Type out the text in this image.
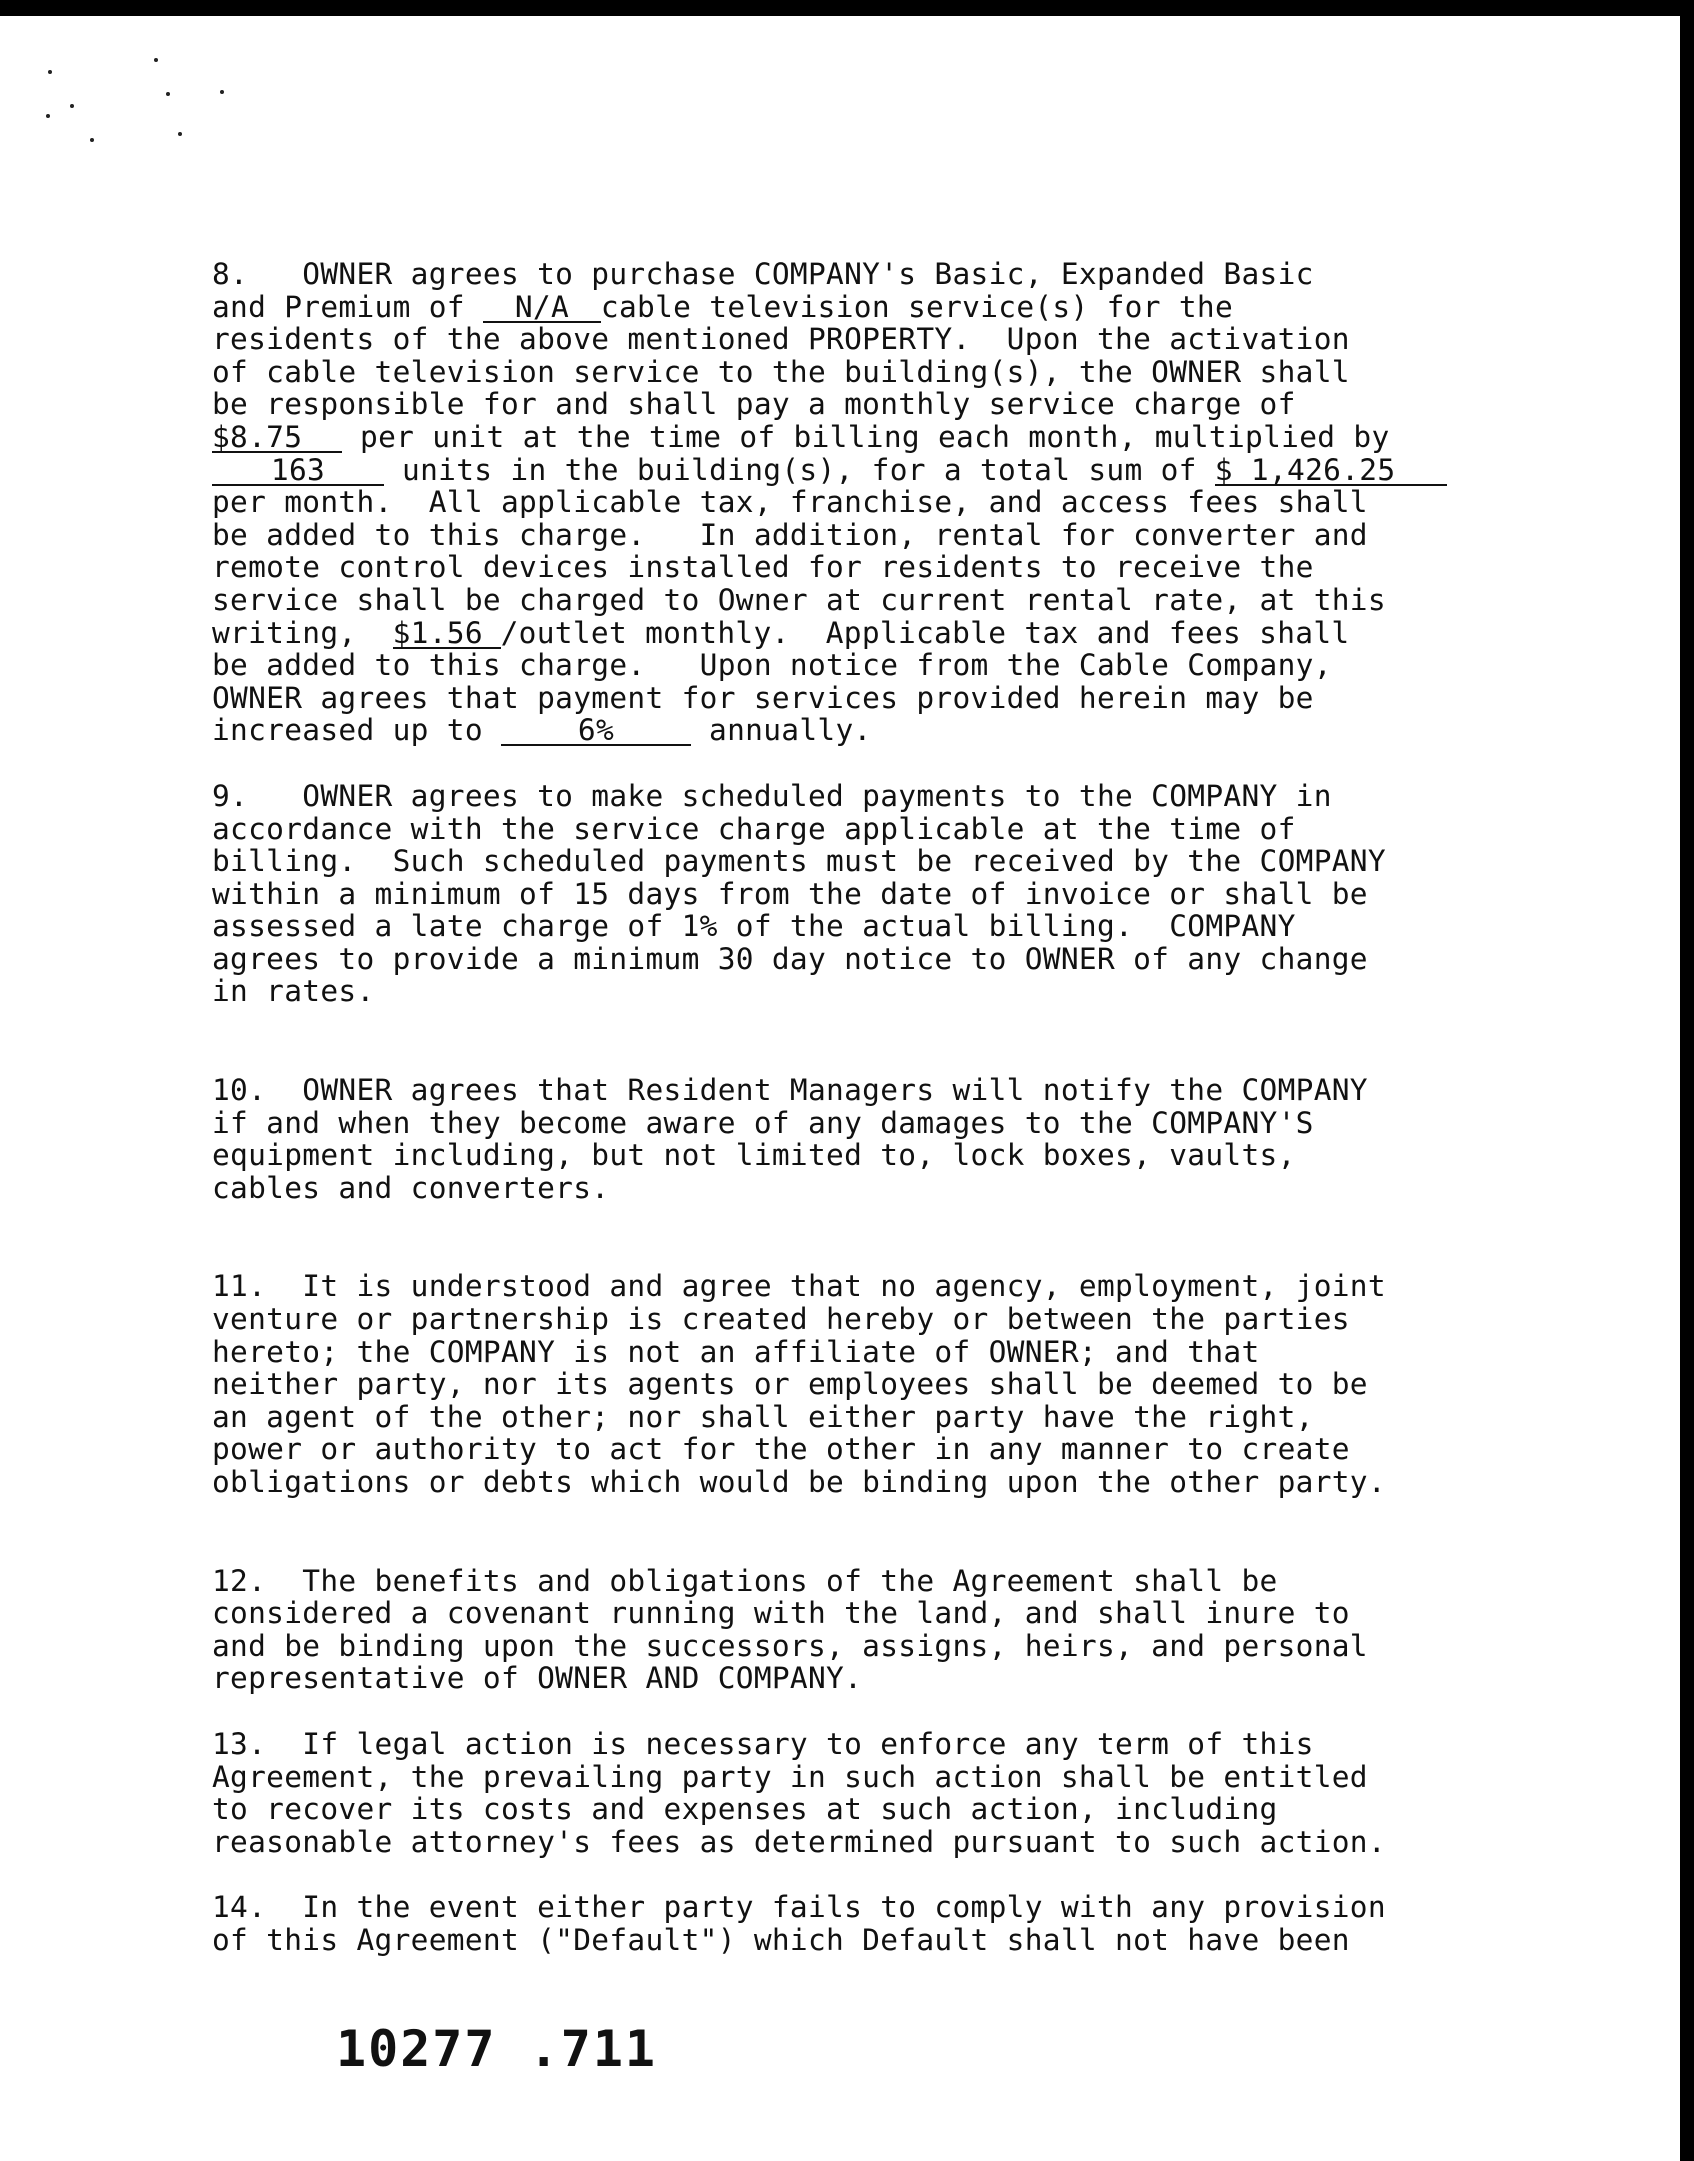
8.   OWNER agrees to purchase COMPANY's Basic, Expanded Basic
and Premium of N/A cable television service(s) for the
residents of the above mentioned PROPERTY.  Upon the activation
of cable television service to the building(s), the OWNER shall
be responsible for and shall pay a monthly service charge of
$8.75 per unit at the time of billing each month, multiplied by
163 units in the building(s), for a total sum of $ 1,426.25
per month.  All applicable tax, franchise, and access fees shall
be added to this charge.   In addition, rental for converter and
remote control devices installed for residents to receive the
service shall be charged to Owner at current rental rate, at this
writing,  $1.56 /outlet monthly.  Applicable tax and fees shall
be added to this charge.   Upon notice from the Cable Company,
OWNER agrees that payment for services provided herein may be
increased up to	6%	annually.
9.   OWNER agrees to make scheduled payments to the COMPANY in
accordance with the service charge applicable at the time of
billing.  Such scheduled payments must be received by the COMPANY
within a minimum of 15 days from the date of invoice or shall be
assessed a late charge of 1% of the actual billing.  COMPANY
agrees to provide a minimum 30 day notice to OWNER of any change
in rates.
10.  OWNER agrees that Resident Managers will notify the COMPANY
if and when they become aware of any damages to the COMPANY'S
equipment including, but not limited to, lock boxes, vaults,
cables and converters.
11.  It is understood and agree that no agency, employment, joint
venture or partnership is created hereby or between the parties
hereto; the COMPANY is not an affiliate of OWNER; and that
neither party, nor its agents or employees shall be deemed to be
an agent of the other; nor shall either party have the right,
power or authority to act for the other in any manner to create
obligations or debts which would be binding upon the other party.
12.  The benefits and obligations of the Agreement shall be
considered a covenant running with the land, and shall inure to
and be binding upon the successors, assigns, heirs, and personal
representative of OWNER AND COMPANY.
13.  If legal action is necessary to enforce any term of this
Agreement, the prevailing party in such action shall be entitled
to recover its costs and expenses at such action, including
reasonable attorney's fees as determined pursuant to such action.
14.  In the event either party fails to comply with any provision
of this Agreement ("Default") which Default shall not have been
10277 .711
